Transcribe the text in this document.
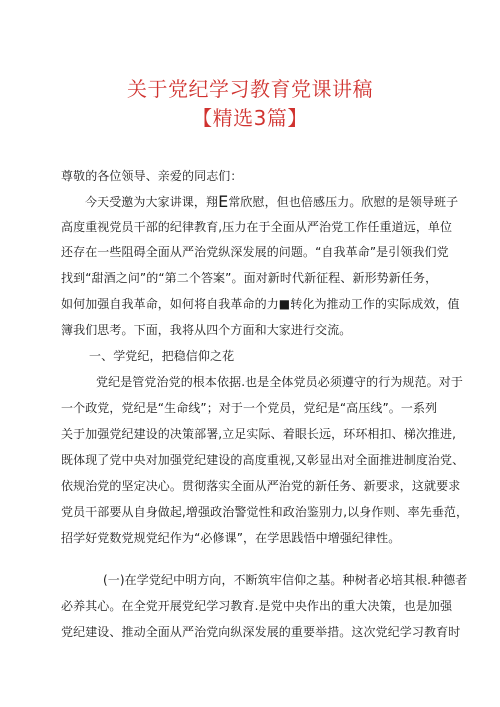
关于党纪学习教育党课讲稿
【精选3篇】
尊敬的各位领导、亲爱的同志们：
今天受邀为大家讲课，翔E常欣慰，但也倍感压力。欣慰的是领导班子
高度重视党员干部的纪律教育,压力在于全面从严治党工作任重道远，单位
还存在一些阻碍全面从严治党纵深发展的问题。“自我革命”是引领我们党
找到“甜酒之问”的“第二个答案”。面对新时代新征程、新形势新任务，
如何加强自我革命，如何将自我革命的力■转化为推动工作的实际成效，值
簿我们思考。下面，我将从四个方面和大家进行交流。
一、学党纪，把稳信仰之花
党纪是管党治党的根本依据.也是全体党员必须遵守的行为规范。对于
一个政党，党纪是“生命线”；对于一个党员，党纪是“高压线”。一系列
关于加强党纪建设的决策部署,立足实际、着眼长远，环环相扣、梯次推进,
既体现了党中央对加强党纪建设的高度重视,又彰显出对全面推进制度治党、
依规治党的坚定决心。贯彻落实全面从严治党的新任务、新要求，这就要求
党员干部要从自身做起,增强政治警觉性和政治鉴别力,以身作则、率先垂范，
招学好党数党规党纪作为“必修课”，在学思践悟中增强纪律性。
(一)在学党纪中明方向，不断筑牢信仰之基。种树者必培其根.种德者
必养其心。在全党开展党纪学习教育.是党中央作出的重大决策，也是加强
党纪建设、推动全面从严治党向纵深发展的重要举措。这次党纪学习教育时
